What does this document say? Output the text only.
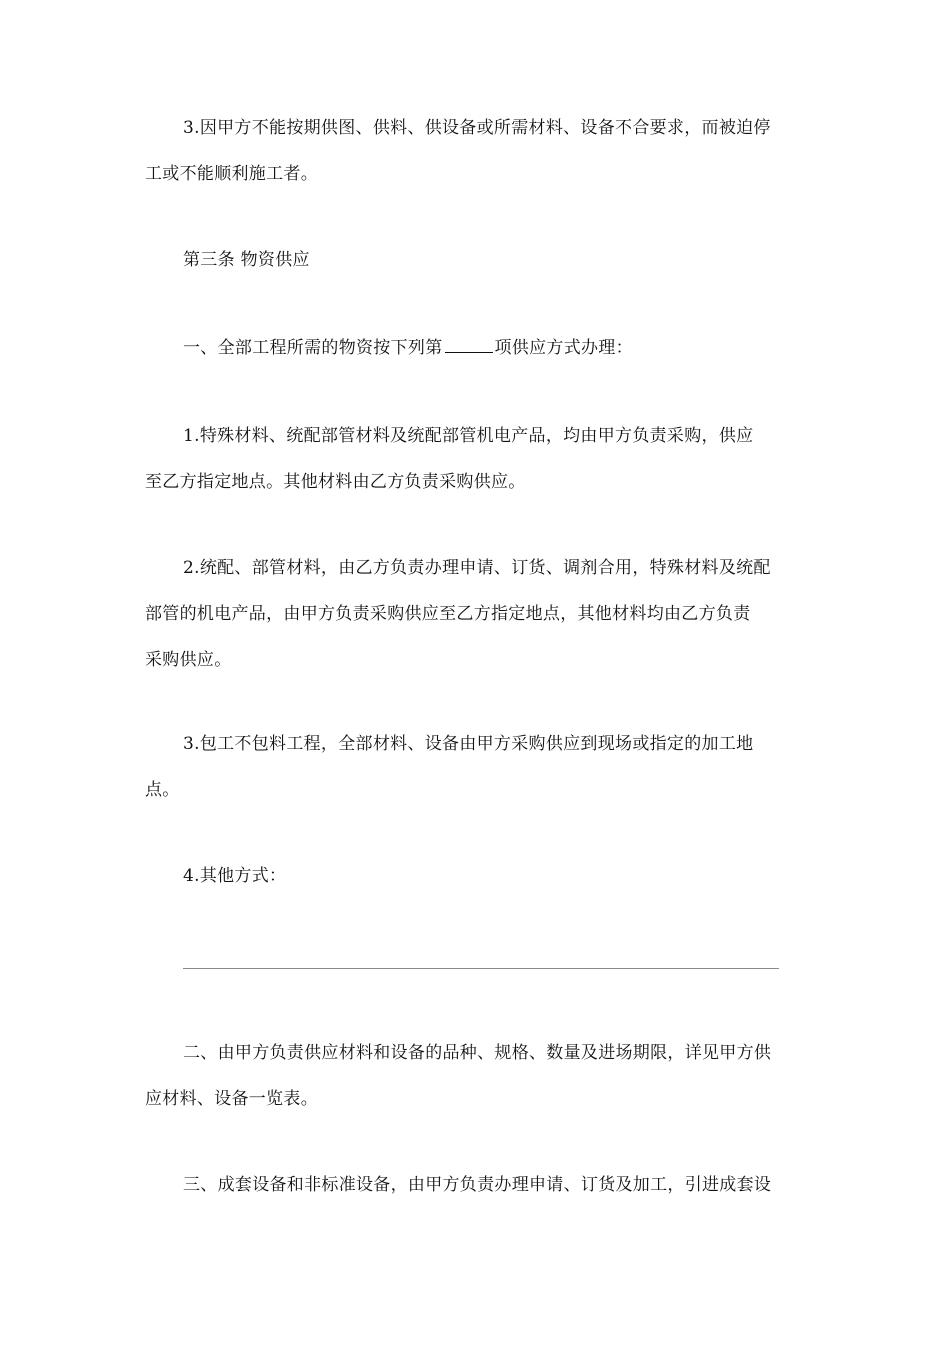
3.因甲方不能按期供图、供料、供设备或所需材料、设备不合要求，而被迫停
工或不能顺利施工者。

第三条 物资供应

一、全部工程所需的物资按下列第	项供应方式办理：

1.特殊材料、统配部管材料及统配部管机电产品，均由甲方负责采购，供应
至乙方指定地点。其他材料由乙方负责采购供应。

2.统配、部管材料，由乙方负责办理申请、订货、调剂合用，特殊材料及统配
部管的机电产品，由甲方负责采购供应至乙方指定地点，其他材料均由乙方负责
采购供应。

3.包工不包料工程，全部材料、设备由甲方采购供应到现场或指定的加工地
点。

4.其他方式：

二、由甲方负责供应材料和设备的品种、规格、数量及进场期限，详见甲方供
应材料、设备一览表。

三、成套设备和非标准设备，由甲方负责办理申请、订货及加工，引进成套设
